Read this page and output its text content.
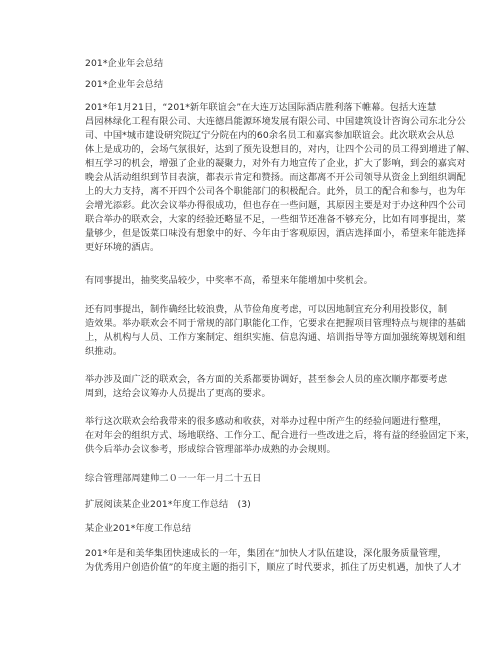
201*企业年会总结
201*企业年会总结
201*年1月21日，“201*新年联谊会”在大连万达国际酒店胜利落下帷幕。包括大连慧
昌园林绿化工程有限公司、大连德昌能源环境发展有限公司、中国建筑设计咨询公司东北分公
司、中国*城市建设研究院辽宁分院在内的60余名员工和嘉宾参加联谊会。此次联欢会从总
体上是成功的，会场气氛很好，达到了预先设想目的，对内，让四个公司的员工得到增进了解、
相互学习的机会，增强了企业的凝聚力，对外有力地宣传了企业，扩大了影响，到会的嘉宾对
晚会从活动组织到节目表演，都表示肯定和赞扬。而这都离不开公司领导从资金上到组织调配
上的大力支持，离不开四个公司各个职能部门的积极配合。此外，员工的配合和参与，也为年
会增光添彩。此次会议举办得很成功，但也存在一些问题，其原因主要是对于办这种四个公司
联合举办的联欢会，大家的经验还略显不足，一些细节还准备不够充分，比如有同事提出，菜
量够少，但是饭菜口味没有想象中的好、今年由于客观原因，酒店选择面小，希望来年能选择
更好环境的酒店。
有同事提出，抽奖奖品较少，中奖率不高，希望来年能增加中奖机会。
还有同事提出，制作确经比较浪费，从节俭角度考虑，可以因地制宜充分利用投影仪，制
造效果。举办联欢会不同于常规的部门职能化工作，它要求在把握项目管理特点与规律的基础
上，从机构与人员、工作方案制定、组织实施、信息沟通、培训指导等方面加强统筹规划和组
织推动。
举办涉及面广泛的联欢会，各方面的关系都要协调好，甚至参会人员的座次顺序都要考虑
周到，这给会议筹办人员提出了更高的要求。
举行这次联欢会给我带来的很多感动和收获，对举办过程中所产生的经验问题进行整理，
在对年会的组织方式、场地联络、工作分工、配合进行一些改进之后，将有益的经验固定下来，
供今后举办会议参考，形成综合管理部举办成熟的办会规则。
综合管理部周建帅二０一一年一月二十五日
扩展阅读某企业201*年度工作总结　(3)
某企业201*年度工作总结
201*年是和美华集团快速成长的一年，集团在“加快人才队伍建设，深化服务质量管理，
为优秀用户创造价值”的年度主题的指引下，顺应了时代要求，抓住了历史机遇，加快了人才
